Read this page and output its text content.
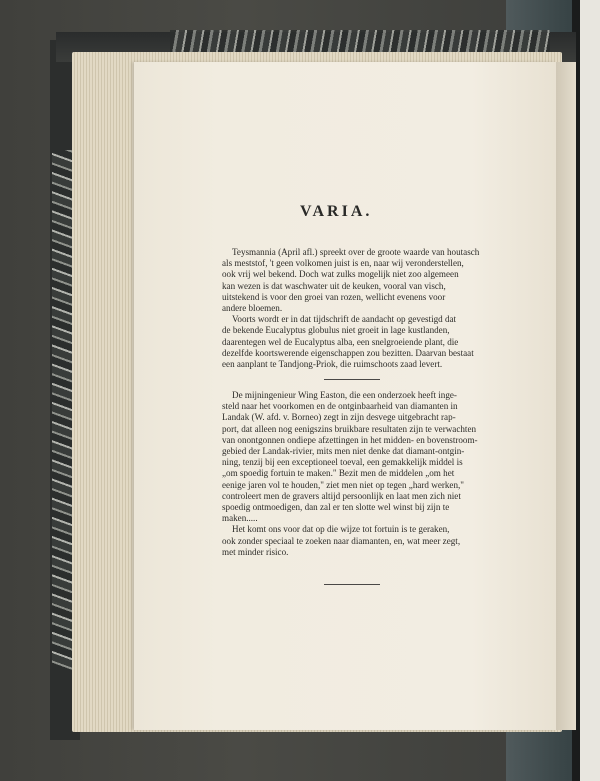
VARIA.
Teysmannia (April afl.) spreekt over de groote waarde van houtasch
als meststof, 't geen volkomen juist is en, naar wij veronderstellen,
ook vrij wel bekend. Doch wat zulks mogelijk niet zoo algemeen
kan wezen is dat waschwater uit de keuken, vooral van visch,
uitstekend is voor den groei van rozen, wellicht evenens voor
andere bloemen.
Voorts wordt er in dat tijdschrift de aandacht op gevestigd dat
de bekende Eucalyptus globulus niet groeit in lage kustlanden,
daarentegen wel de Eucalyptus alba, een snelgroeiende plant, die
dezelfde koortswerende eigenschappen zou bezitten. Daarvan bestaat
een aanplant te Tandjong-Priok, die ruimschoots zaad levert.
De mijningenieur Wing Easton, die een onderzoek heeft inge-
steld naar het voorkomen en de ontginbaarheid van diamanten in
Landak (W. afd. v. Borneo) zegt in zijn desvege uitgebracht rap-
port, dat alleen nog eenigszins bruikbare resultaten zijn te verwachten
van onontgonnen ondiepe afzettingen in het midden- en bovenstroom-
gebied der Landak-rivier, mits men niet denke dat diamant-ontgin-
ning, tenzij bij een exceptioneel toeval, een gemakkelijk middel is
„om spoedig fortuin te maken." Bezit men de middelen „om het
eenige jaren vol te houden," ziet men niet op tegen „hard werken,"
controleert men de gravers altijd persoonlijk en laat men zich niet
spoedig ontmoedigen, dan zal er ten slotte wel winst bij zijn te
maken.....
Het komt ons voor dat op die wijze tot fortuin is te geraken,
ook zonder speciaal te zoeken naar diamanten, en, wat meer zegt,
met minder risico.
